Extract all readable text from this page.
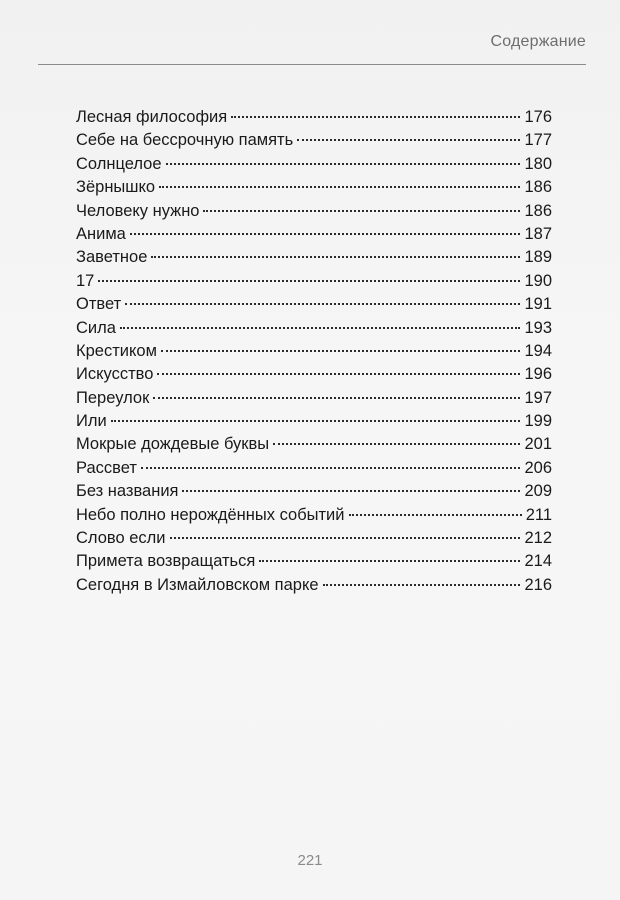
Содержание
Лесная философия	176
Себе на бессрочную память	177
Солнцелое	180
Зёрнышко	186
Человеку нужно	186
Анима	187
Заветное	189
17	190
Ответ	191
Сила	193
Крестиком	194
Искусство	196
Переулок	197
Или	199
Мокрые дождевые буквы	201
Рассвет	206
Без названия	209
Небо полно нерождённых событий	211
Слово если	212
Примета возвращаться	214
Сегодня в Измайловском парке	216
221
